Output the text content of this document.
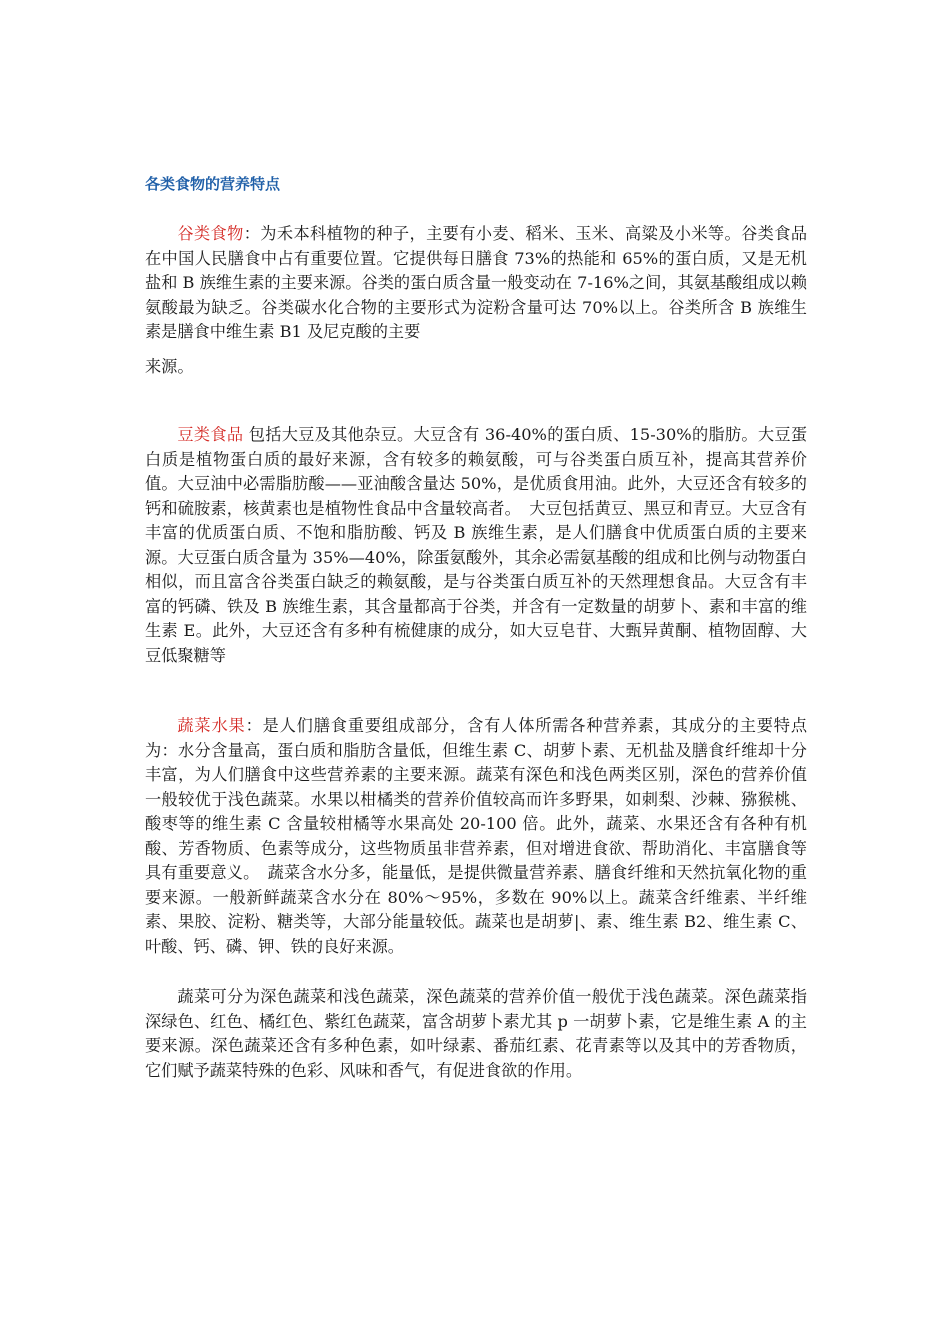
各类食物的营养特点

谷类食物：为禾本科植物的种子，主要有小麦、稻米、玉米、高粱及小米等。谷类食品在中国人民膳食中占有重要位置。它提供每日膳食 73%的热能和 65%的蛋白质，又是无机盐和 B 族维生素的主要来源。谷类的蛋白质含量一般变动在 7-16%之间，其氨基酸组成以赖氨酸最为缺乏。谷类碳水化合物的主要形式为淀粉含量可达 70%以上。谷类所含 B 族维生素是膳食中维生素 B1 及尼克酸的主要
来源。

豆类食品 包括大豆及其他杂豆。大豆含有 36-40%的蛋白质、15-30%的脂肪。大豆蛋白质是植物蛋白质的最好来源，含有较多的赖氨酸，可与谷类蛋白质互补，提高其营养价值。大豆油中必需脂肪酸——亚油酸含量达 50%，是优质食用油。此外，大豆还含有较多的钙和硫胺素，核黄素也是植物性食品中含量较高者。　大豆包括黄豆、黑豆和青豆。大豆含有丰富的优质蛋白质、不饱和脂肪酸、钙及 B 族维生素，是人们膳食中优质蛋白质的主要来源。大豆蛋白质含量为 35%—40%，除蛋氨酸外，其余必需氨基酸的组成和比例与动物蛋白相似，而且富含谷类蛋白缺乏的赖氨酸，是与谷类蛋白质互补的天然理想食品。大豆含有丰富的钙磷、铁及 B 族维生素，其含量都高于谷类，并含有一定数量的胡萝卜、素和丰富的维生素 E。此外，大豆还含有多种有梳健康的成分，如大豆皂苷、大甄异黄酮、植物固醇、大豆低聚糖等

蔬菜水果：是人们膳食重要组成部分，含有人体所需各种营养素，其成分的主要特点为：水分含量高，蛋白质和脂肪含量低，但维生素 C、胡萝卜素、无机盐及膳食纤维却十分丰富，为人们膳食中这些营养素的主要来源。蔬菜有深色和浅色两类区别，深色的营养价值一般较优于浅色蔬菜。水果以柑橘类的营养价值较高而许多野果，如刺梨、沙棘、猕猴桃、酸枣等的维生素 C 含量较柑橘等水果高处 20-100 倍。此外，蔬菜、水果还含有各种有机酸、芳香物质、色素等成分，这些物质虽非营养素，但对增进食欲、帮助消化、丰富膳食等具有重要意义。　蔬菜含水分多，能量低，是提供微量营养素、膳食纤维和天然抗氧化物的重要来源。一般新鲜蔬菜含水分在 80%～95%，多数在 90%以上。蔬菜含纤维素、半纤维素、果胶、淀粉、糖类等，大部分能量较低。蔬菜也是胡萝|、素、维生素 B2、维生素 C、叶酸、钙、磷、钾、铁的良好来源。

蔬菜可分为深色蔬菜和浅色蔬菜，深色蔬菜的营养价值一般优于浅色蔬菜。深色蔬菜指深绿色、红色、橘红色、紫红色蔬菜，富含胡萝卜素尤其 p 一胡萝卜素，它是维生素 A 的主要来源。深色蔬菜还含有多种色素，如叶绿素、番茄红素、花青素等以及其中的芳香物质，它们赋予蔬菜特殊的色彩、风味和香气，有促进食欲的作用。
